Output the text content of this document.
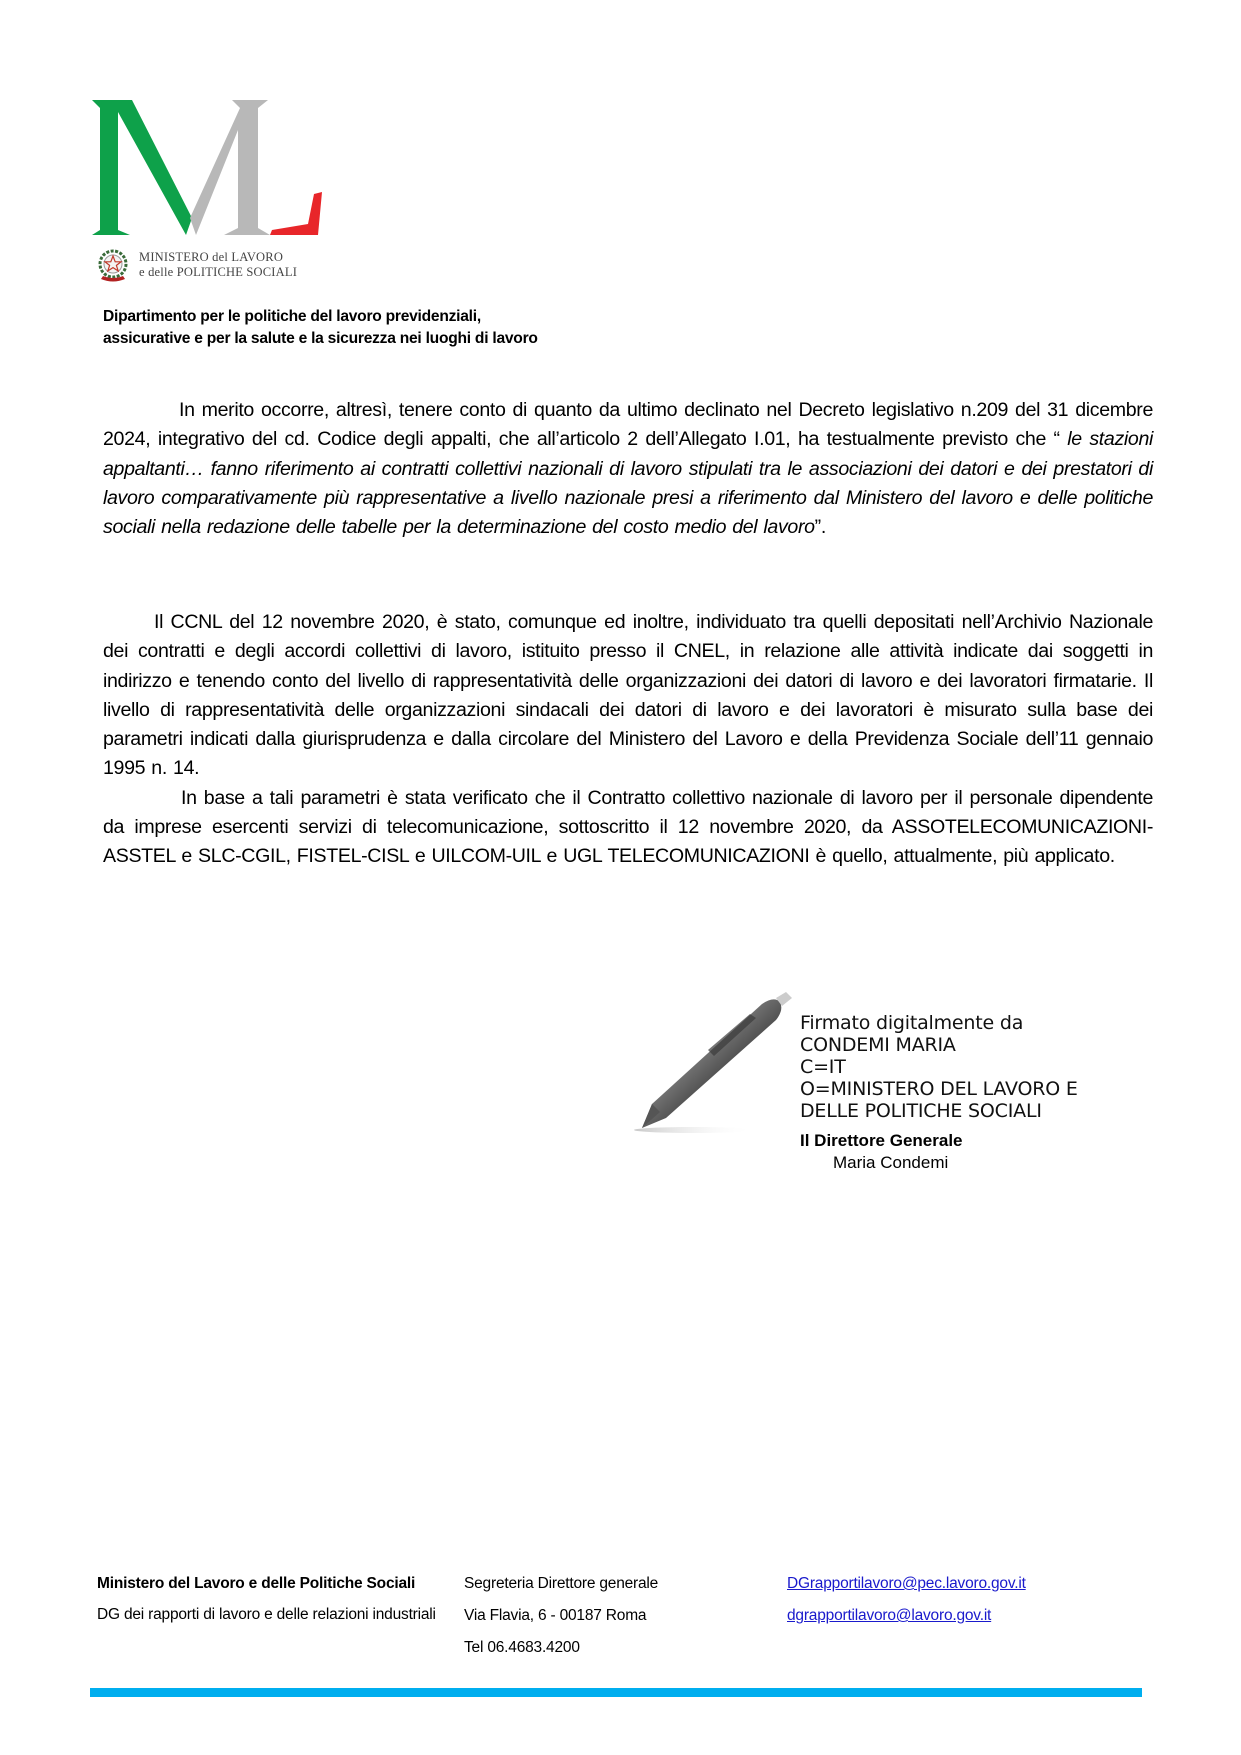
MINISTERO del LAVORO
e delle POLITICHE SOCIALI
Dipartimento per le politiche del lavoro previdenziali,
assicurative e per la salute e la sicurezza nei luoghi di lavoro

In merito occorre, altresì, tenere conto di quanto da ultimo declinato nel Decreto legislativo n.209 del 31 dicembre 2024, integrativo del cd. Codice degli appalti, che all’articolo 2 dell’Allegato I.01, ha testualmente previsto che “ le stazioni appaltanti… fanno riferimento ai contratti collettivi nazionali di lavoro stipulati tra le associazioni dei datori e dei prestatori di lavoro comparativamente più rappresentative a livello nazionale presi a riferimento dal Ministero del lavoro e delle politiche sociali nella redazione delle tabelle per la determinazione del costo medio del lavoro”.

Il CCNL del 12 novembre 2020, è stato, comunque ed inoltre, individuato tra quelli depositati nell’Archivio Nazionale dei contratti e degli accordi collettivi di lavoro, istituito presso il CNEL, in relazione alle attività indicate dai soggetti in indirizzo e tenendo conto del livello di rappresentatività delle organizzazioni dei datori di lavoro e dei lavoratori firmatarie. Il livello di rappresentatività delle organizzazioni sindacali dei datori di lavoro e dei lavoratori è misurato sulla base dei parametri indicati dalla giurisprudenza e dalla circolare del Ministero del Lavoro e della Previdenza Sociale dell’11 gennaio 1995 n. 14.

In base a tali parametri è stata verificato che il Contratto collettivo nazionale di lavoro per il personale dipendente da imprese esercenti servizi di telecomunicazione, sottoscritto il 12 novembre 2020, da ASSOTELECOMUNICAZIONI-ASSTEL e SLC-CGIL, FISTEL-CISL e UILCOM-UIL e UGL TELECOMUNICAZIONI è quello, attualmente, più applicato.

Firmato digitalmente da
CONDEMI MARIA
C=IT
O=MINISTERO DEL LAVORO E
DELLE POLITICHE SOCIALI
Il Direttore Generale
Maria Condemi
Ministero del Lavoro e delle Politiche Sociali
DG dei rapporti di lavoro e delle relazioni industriali
Segreteria Direttore generale
Via Flavia, 6 - 00187 Roma
Tel 06.4683.4200
DGrapportilavoro@pec.lavoro.gov.it
dgrapportilavoro@lavoro.gov.it
